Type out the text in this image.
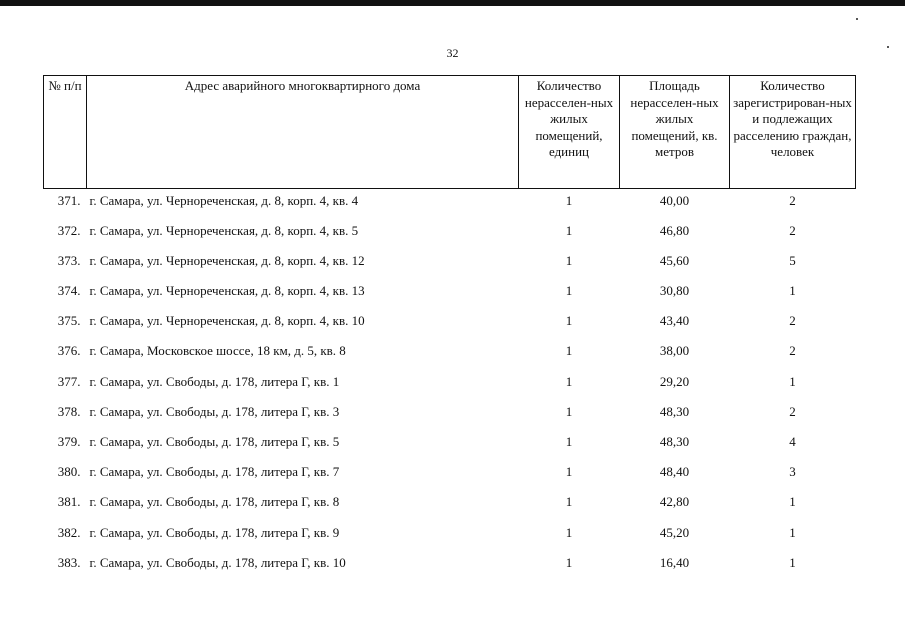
32
№ п/п	Адрес аварийного многоквартирного дома	Количество нерасселен-ных жилых помещений, единиц	Площадь нерасселен-ных жилых помещений, кв. метров	Количество зарегистрирован-ных и подлежащих расселению граждан, человек
371.	г. Самара, ул. Чернореченская, д. 8, корп. 4, кв. 4	1	40,00	2
372.	г. Самара, ул. Чернореченская, д. 8, корп. 4, кв. 5	1	46,80	2
373.	г. Самара, ул. Чернореченская, д. 8, корп. 4, кв. 12	1	45,60	5
374.	г. Самара, ул. Чернореченская, д. 8, корп. 4, кв. 13	1	30,80	1
375.	г. Самара, ул. Чернореченская, д. 8, корп. 4, кв. 10	1	43,40	2
376.	г. Самара, Московское шоссе, 18 км, д. 5, кв. 8	1	38,00	2
377.	г. Самара, ул. Свободы, д. 178, литера Г, кв. 1	1	29,20	1
378.	г. Самара, ул. Свободы, д. 178, литера Г, кв. 3	1	48,30	2
379.	г. Самара, ул. Свободы, д. 178, литера Г, кв. 5	1	48,30	4
380.	г. Самара, ул. Свободы, д. 178, литера Г, кв. 7	1	48,40	3
381.	г. Самара, ул. Свободы, д. 178, литера Г, кв. 8	1	42,80	1
382.	г. Самара, ул. Свободы, д. 178, литера Г, кв. 9	1	45,20	1
383.	г. Самара, ул. Свободы, д. 178, литера Г, кв. 10	1	16,40	1
